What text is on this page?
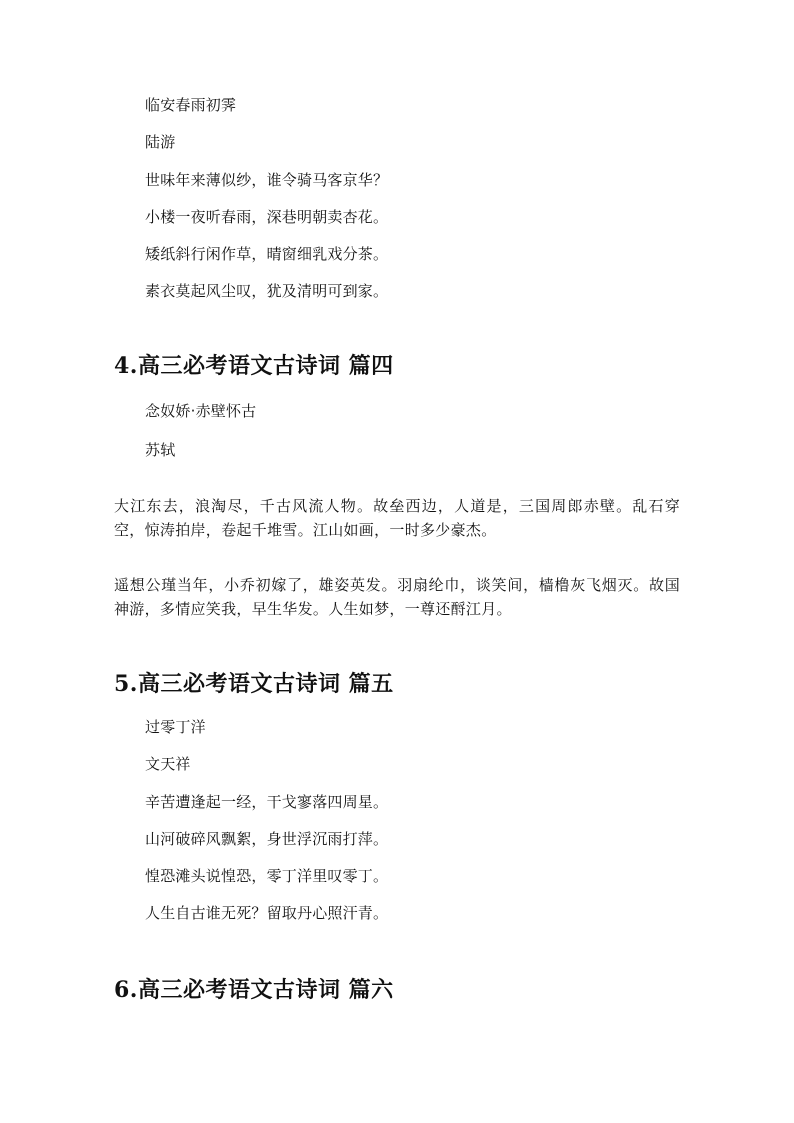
临安春雨初霁
陆游
世味年来薄似纱，谁令骑马客京华？
小楼一夜听春雨，深巷明朝卖杏花。
矮纸斜行闲作草，晴窗细乳戏分茶。
素衣莫起风尘叹，犹及清明可到家。
4.高三必考语文古诗词 篇四
念奴娇·赤壁怀古
苏轼
大江东去，浪淘尽，千古风流人物。故垒西边，人道是，三国周郎赤壁。乱石穿空，惊涛拍岸，卷起千堆雪。江山如画，一时多少豪杰。
遥想公瑾当年，小乔初嫁了，雄姿英发。羽扇纶巾，谈笑间，樯橹灰飞烟灭。故国神游，多情应笑我，早生华发。人生如梦，一尊还酹江月。
5.高三必考语文古诗词 篇五
过零丁洋
文天祥
辛苦遭逢起一经，干戈寥落四周星。
山河破碎风飘絮，身世浮沉雨打萍。
惶恐滩头说惶恐，零丁洋里叹零丁。
人生自古谁无死？留取丹心照汗青。
6.高三必考语文古诗词 篇六
